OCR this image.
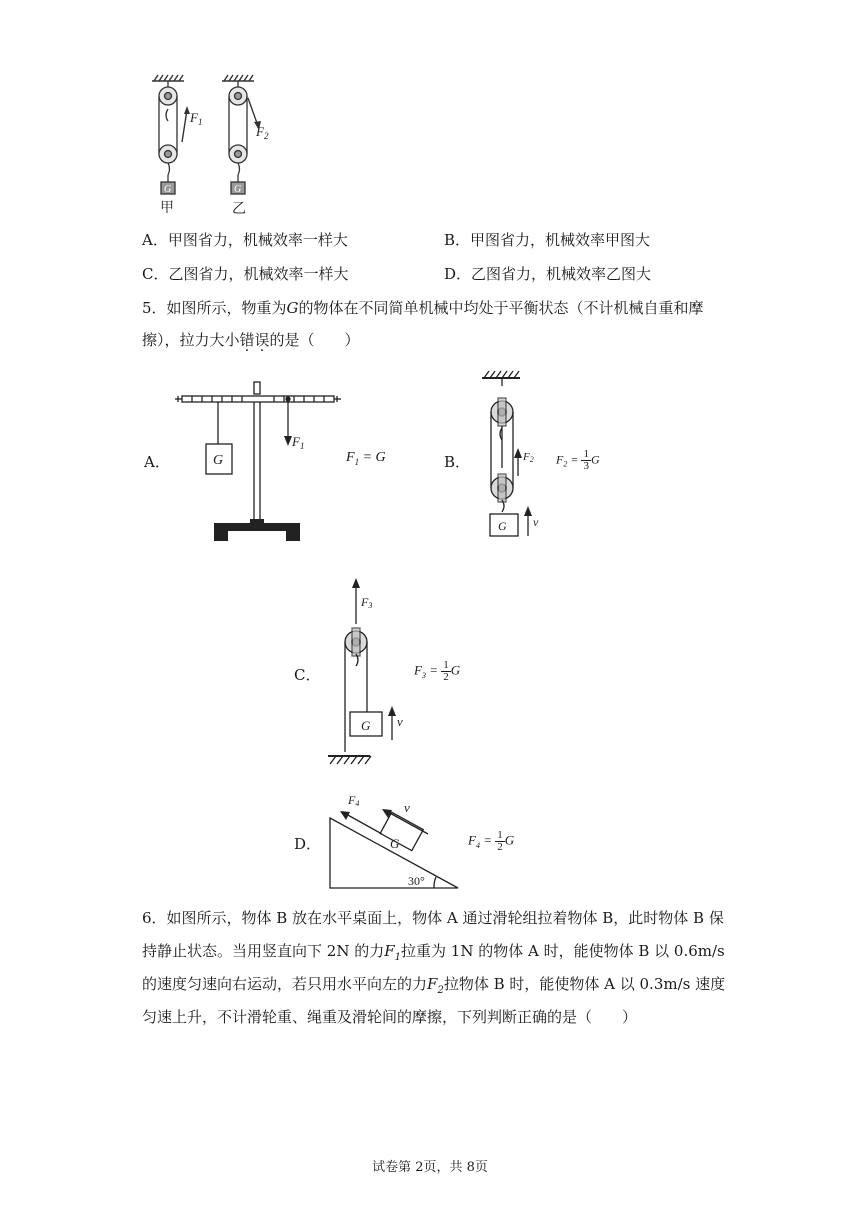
$F_1$
G
甲
$F_2$
G
乙
A．甲图省力，机械效率一样大	B．甲图省力，机械效率甲图大
C．乙图省力，机械效率一样大	D．乙图省力，机械效率乙图大
5．如图所示，物重为G的物体在不同简单机械中均处于平衡状态（不计机械自重和摩
擦），拉力大小错误的是（　　）
A．	G
$F_1$
$F_1 = G$	B．
G
F2
v
$F_2 = \frac{1}{3}$ G
C．
F3
G v
$F_3 = \frac{1}{2}$ G
D．
F4	v
G
30°
$F_4 = \frac{1}{2}$ G
6．如图所示，物体 B 放在水平桌面上，物体 A 通过滑轮组拉着物体 B，此时物体 B 保
持静止状态。当用竖直向下 2N 的力$F_1$拉重为 1N 的物体 A 时，能使物体 B 以 0.6m/s
的速度匀速向右运动，若只用水平向左的力$F_2$拉物体 B 时，能使物体 A 以 0.3m/s 速度
匀速上升，不计滑轮重、绳重及滑轮间的摩擦，下列判断正确的是（　　）
试卷第 2页，共 8页
